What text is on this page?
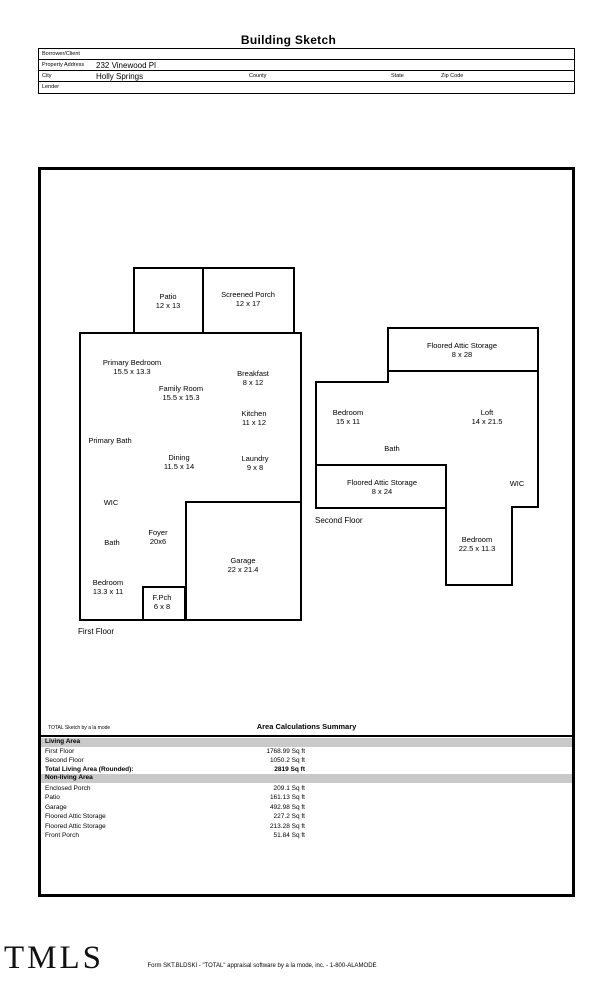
Building Sketch
Borrower/Client
Property Address 232 Vinewood Pl
City	Holly Springs	County	State	Zip Code
Lender
Patio
12 x 13
Screened Porch
12 x 17
Primary Bedroom
15.5 x 13.3	Breakfast
8 x 12
Family Room
15.5 x 15.3
Kitchen
11 x 12
Primary Bath
Dining
11.5 x 14
Laundry
9 x 8
WIC
Foyer
20x6
Bath
Garage
22 x 21.4
Bedroom
13.3 x 11
F.Pch
6 x 8
First Floor
Floored Attic Storage
8 x 28
Bedroom
15 x 11
Loft
14 x 21.5
Bath
Floored Attic Storage
8 x 24
WIC
Bedroom
22.5 x 11.3
Second Floor
TOTAL Sketch by a la mode	Area Calculations Summary
Living Area
First Floor	1768.99 Sq ft
Second Floor	1050.2 Sq ft
Total Living Area (Rounded):	2819 Sq ft
Non-living Area
Enclosed Porch	209.1 Sq ft
Patio	161.13 Sq ft
Garage	492.98 Sq ft
Floored Attic Storage	227.2 Sq ft
Floored Attic Storage	213.28 Sq ft
Front Porch	51.84 Sq ft
TMLS	Form SKT.BLDSKI - "TOTAL" appraisal software by a la mode, inc. - 1-800-ALAMODE
